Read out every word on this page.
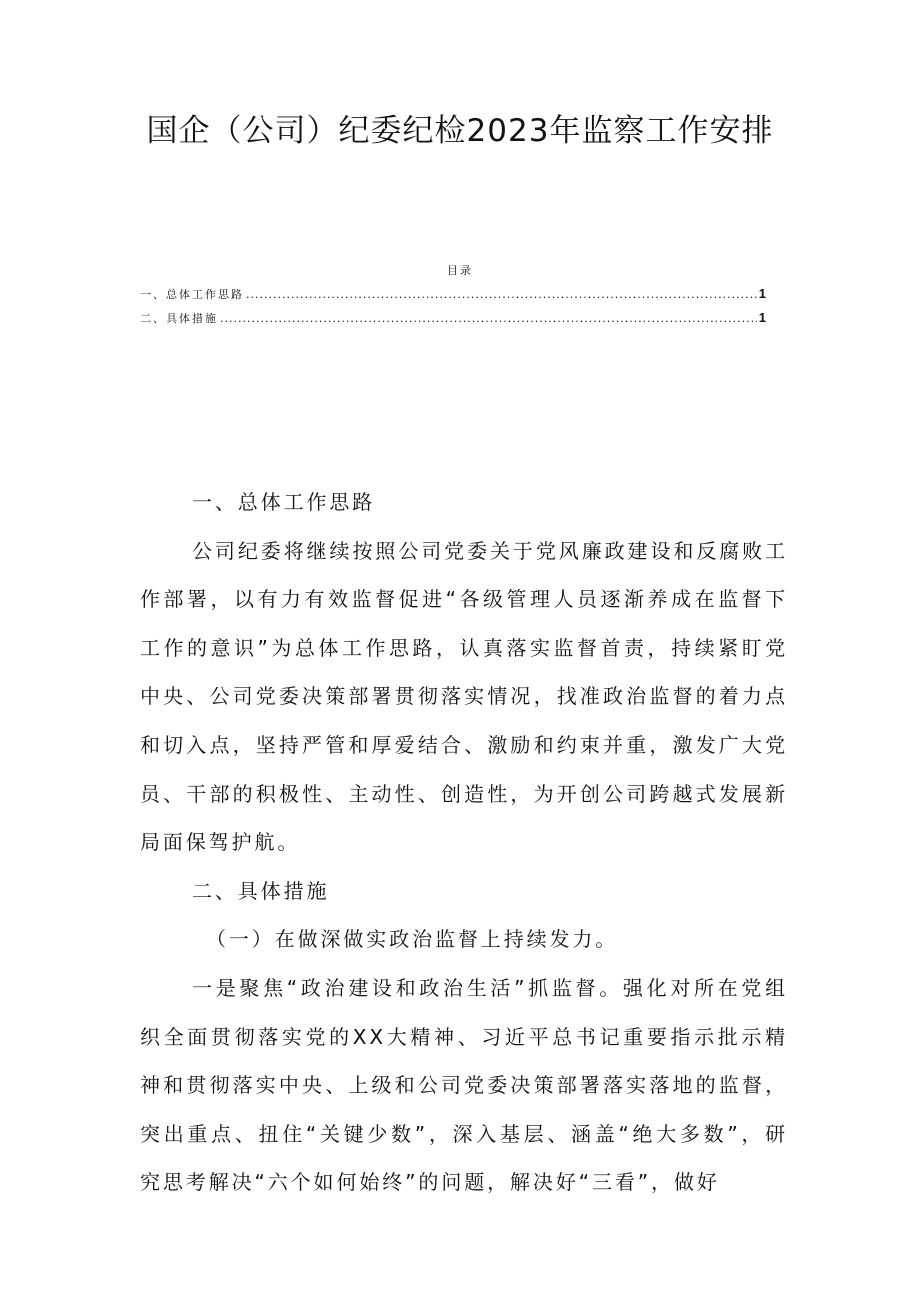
国企（公司）纪委纪检2023年监察工作安排
目录
一、总体工作思路 .....	1
二、具体措施 .....	1

一、总体工作思路

公司纪委将继续按照公司党委关于党风廉政建设和反腐败工作部署，以有力有效监督促进“各级管理人员逐渐养成在监督下工作的意识”为总体工作思路，认真落实监督首责，持续紧盯党中央、公司党委决策部署贯彻落实情况，找准政治监督的着力点和切入点，坚持严管和厚爱结合、激励和约束并重，激发广大党员、干部的积极性、主动性、创造性，为开创公司跨越式发展新局面保驾护航。

二、具体措施

（一）在做深做实政治监督上持续发力。

一是聚焦“政治建设和政治生活”抓监督。强化对所在党组织全面贯彻落实党的XX大精神、习近平总书记重要指示批示精神和贯彻落实中央、上级和公司党委决策部署落实落地的监督，突出重点、扭住“关键少数”，深入基层、涵盖“绝大多数”，研究思考解决“六个如何始终”的问题，解决好“三看”，做好
